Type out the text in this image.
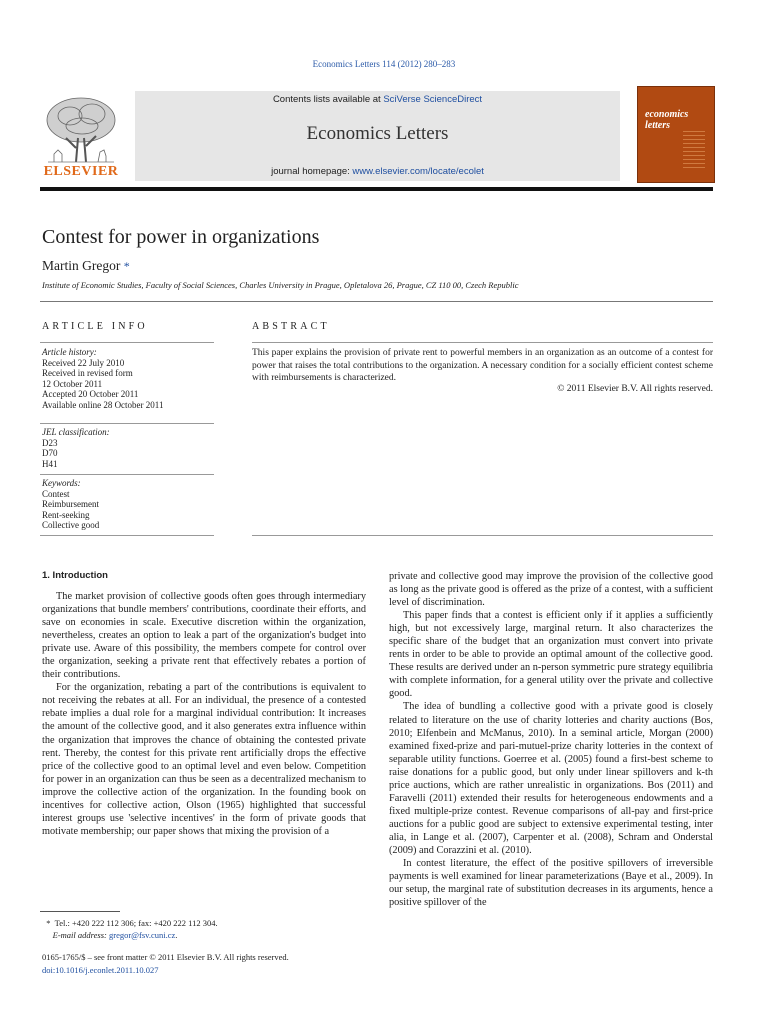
Economics Letters 114 (2012) 280–283
Contents lists available at SciVerse ScienceDirect
Economics Letters
journal homepage: www.elsevier.com/locate/ecolet
ELSEVIER
economics
letters
Contest for power in organizations
Martin Gregor *
Institute of Economic Studies, Faculty of Social Sciences, Charles University in Prague, Opletalova 26, Prague, CZ 110 00, Czech Republic
ARTICLE INFO	ABSTRACT
Article history:
Received 22 July 2010
Received in revised form
12 October 2011
Accepted 20 October 2011
Available online 28 October 2011
JEL classification:
D23
D70
H41
Keywords:
Contest
Reimbursement
Rent-seeking
Collective good
This paper explains the provision of private rent to powerful members in an organization as an outcome of a contest for power that raises the total contributions to the organization. A necessary condition for a socially efficient contest scheme with reimbursements is characterized.
© 2011 Elsevier B.V. All rights reserved.
1. Introduction

The market provision of collective goods often goes through intermediary organizations that bundle members' contributions, coordinate their efforts, and save on economies in scale. Executive discretion within the organization, nevertheless, creates an option to leak a part of the organization's budget into private use. Aware of this possibility, the members compete for control over the organization, seeking a private rent that effectively rebates a portion of their contributions.

For the organization, rebating a part of the contributions is equivalent to not receiving the rebates at all. For an individual, the presence of a contested rebate implies a dual role for a marginal individual contribution: It increases the amount of the collective good, and it also generates extra influence within the organization that improves the chance of obtaining the contested private rent. Thereby, the contest for this private rent artificially drops the effective price of the collective good to an optimal level and even below. Competition for power in an organization can thus be seen as a decentralized mechanism to improve the collective action of the organization. In the founding book on incentives for collective action, Olson (1965) highlighted that successful interest groups use 'selective incentives' in the form of private goods that motivate membership; our paper shows that mixing the provision of a

private and collective good may improve the provision of the collective good as long as the private good is offered as the prize of a contest, with a sufficient level of discrimination.

This paper finds that a contest is efficient only if it applies a sufficiently high, but not excessively large, marginal return. It also characterizes the specific share of the budget that an organization must convert into private rents in order to be able to provide an optimal amount of the collective good. These results are derived under an n-person symmetric pure strategy equilibria with complete information, for a general utility over the private and collective good.

The idea of bundling a collective good with a private good is closely related to literature on the use of charity lotteries and charity auctions (Bos, 2010; Elfenbein and McManus, 2010). In a seminal article, Morgan (2000) examined fixed-prize and pari-mutuel-prize charity lotteries in the context of separable utility functions. Goerree et al. (2005) found a first-best scheme to raise donations for a public good, but only under linear spillovers and k-th price auctions, which are rather unrealistic in organizations. Bos (2011) and Faravelli (2011) extended their results for heterogeneous endowments and a fixed multiple-prize contest. Revenue comparisons of all-pay and first-price auctions for a public good are subject to extensive experimental testing, inter alia, in Lange et al. (2007), Carpenter et al. (2008), Schram and Onderstal (2009) and Corazzini et al. (2010).

In contest literature, the effect of the positive spillovers of irreversible payments is well examined for linear parameterizations (Baye et al., 2009). In our setup, the marginal rate of substitution decreases in its arguments, hence a positive spillover of the

* Tel.: +420 222 112 306; fax: +420 222 112 304.
E-mail address: gregor@fsv.cuni.cz.
0165-1765/$ – see front matter © 2011 Elsevier B.V. All rights reserved.
doi:10.1016/j.econlet.2011.10.027
